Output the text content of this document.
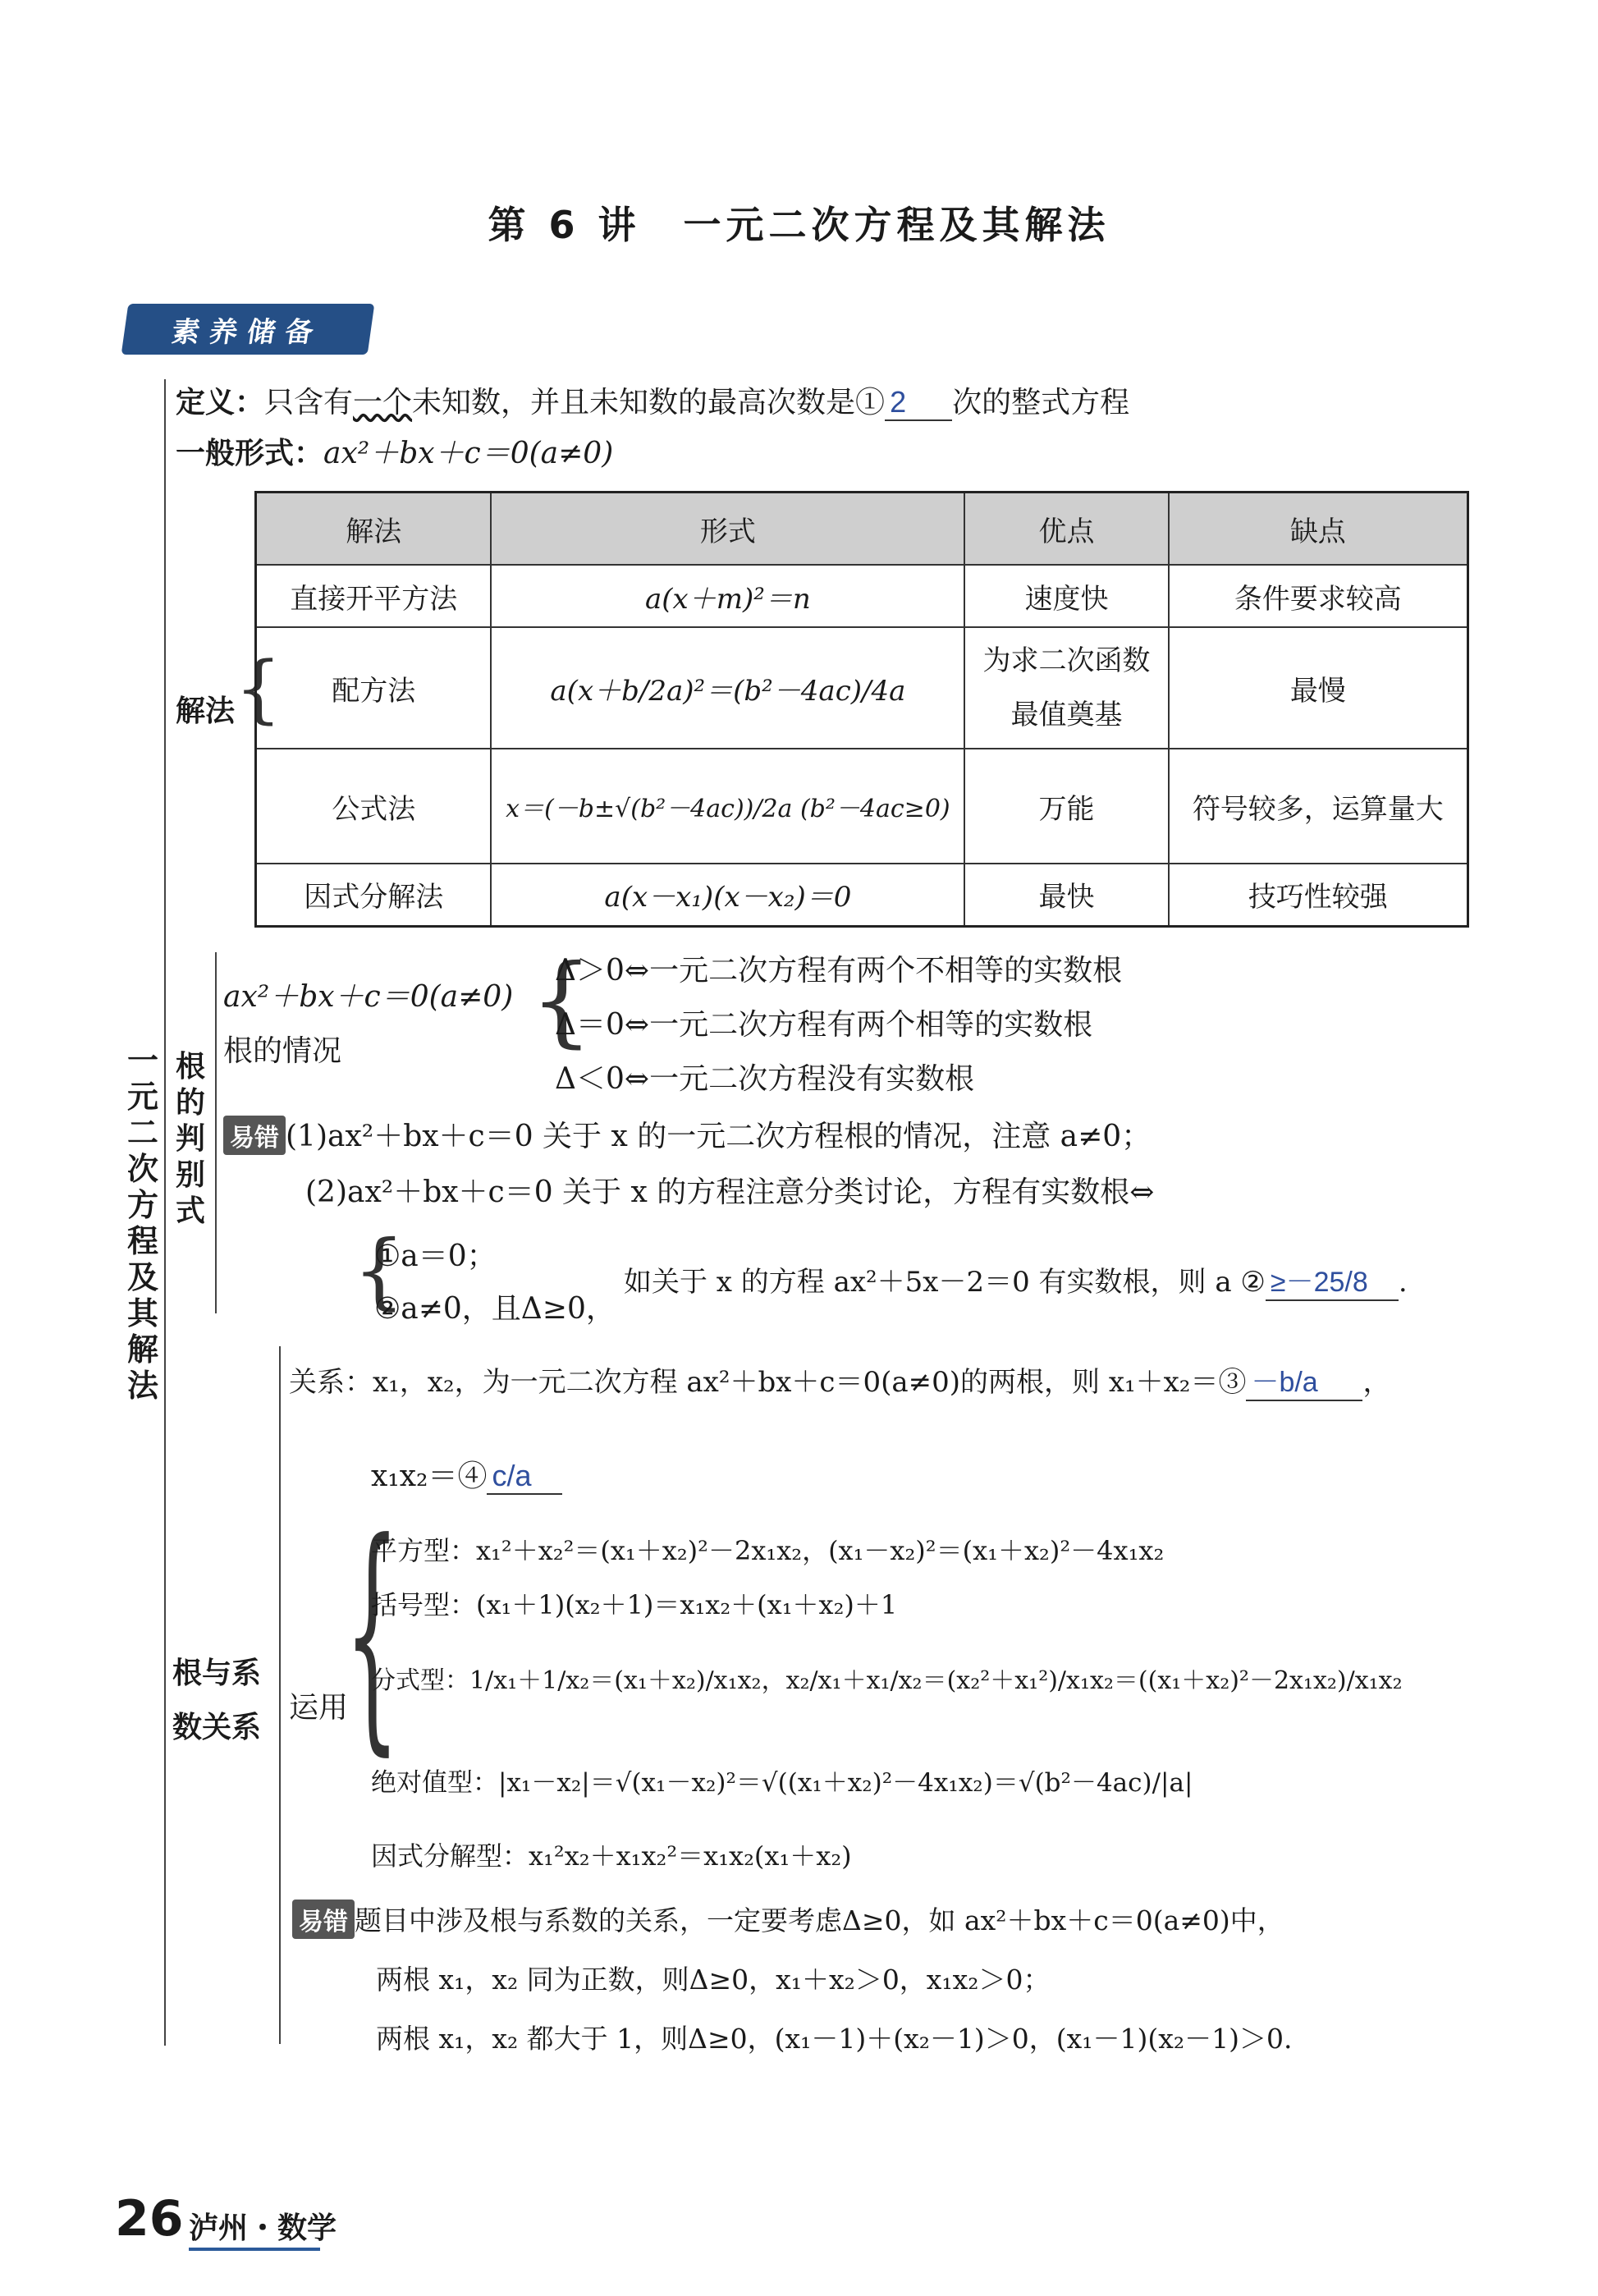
第 6 讲　一元二次方程及其解法
素养储备
一元二次方程及其解法
定义：只含有一个未知数，并且未知数的最高次数是① 2 次的整式方程
一般形式：ax²＋bx＋c＝0(a≠0)
解法 {
解法	形式	优点	缺点
直接开平方法	a(x＋m)²＝n	速度快	条件要求较高
配方法	a(x＋b/2a)²＝(b²－4ac)/4a	为求二次函数最值奠基	最慢
公式法	x＝(－b±√(b²－4ac))/2a (b²－4ac≥0)	万能	符号较多，运算量大
因式分解法	a(x－x₁)(x－x₂)＝0	最快	技巧性较强
根的判别式
ax²＋bx＋c＝0(a≠0)
根的情况 {
Δ＞0⇔一元二次方程有两个不相等的实数根
Δ＝0⇔一元二次方程有两个相等的实数根
Δ＜0⇔一元二次方程没有实数根
易错 (1)ax²＋bx＋c＝0 关于 x 的一元二次方程根的情况，注意 a≠0；
(2)ax²＋bx＋c＝0 关于 x 的方程注意分类讨论，方程有实数根⇔
{
①a＝0；
②a≠0，且Δ≥0，
如关于 x 的方程 ax²＋5x－2＝0 有实数根，则 a ② ≥－25/8 .
根与系
数关系
关系：x₁，x₂，为一元二次方程 ax²＋bx＋c＝0(a≠0)的两根，则 x₁＋x₂＝③ －b/a ，
x₁x₂＝④ c/a
运用
{
平方型：x₁²＋x₂²＝(x₁＋x₂)²－2x₁x₂，(x₁－x₂)²＝(x₁＋x₂)²－4x₁x₂
括号型：(x₁＋1)(x₂＋1)＝x₁x₂＋(x₁＋x₂)＋1
分式型：1/x₁＋1/x₂＝(x₁＋x₂)/x₁x₂，x₂/x₁＋x₁/x₂＝(x₂²＋x₁²)/x₁x₂＝((x₁＋x₂)²－2x₁x₂)/x₁x₂
绝对值型：|x₁－x₂|＝√(x₁－x₂)²＝√((x₁＋x₂)²－4x₁x₂)＝√(b²－4ac)/|a|
因式分解型：x₁²x₂＋x₁x₂²＝x₁x₂(x₁＋x₂)
易错 题目中涉及根与系数的关系，一定要考虑Δ≥0，如 ax²＋bx＋c＝0(a≠0)中，
两根 x₁，x₂ 同为正数，则Δ≥0，x₁＋x₂＞0，x₁x₂＞0；
两根 x₁，x₂ 都大于 1，则Δ≥0，(x₁－1)＋(x₂－1)＞0，(x₁－1)(x₂－1)＞0.
26 泸州・数学
